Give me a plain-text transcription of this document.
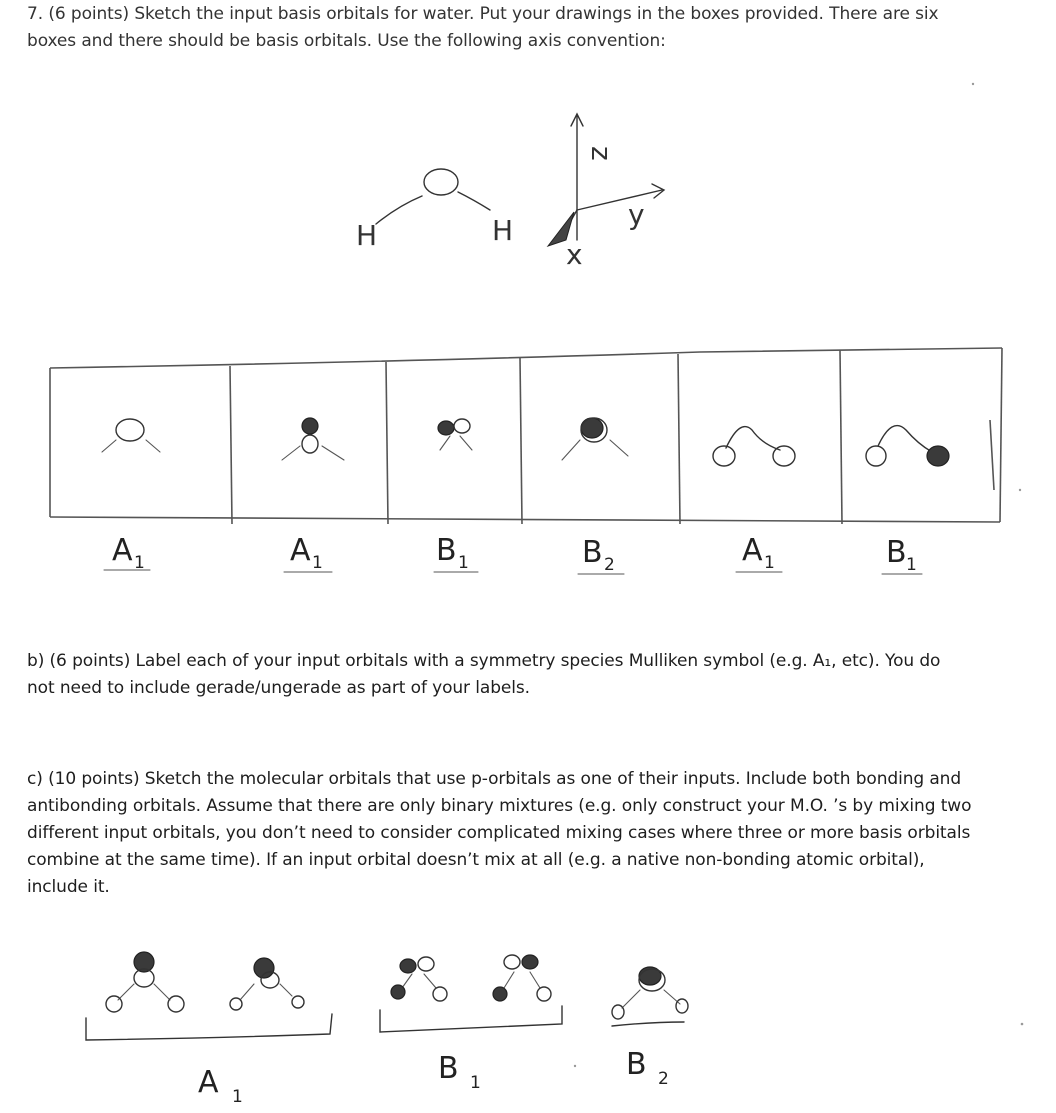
7. (6 points) Sketch the input basis orbitals for water. Put your drawings in the boxes provided. There are six
boxes and there should be basis orbitals. Use the following axis convention:
H	H
z
y
x
A 1	A 1	B 1	B 2	A 1	B 1
A 1
B 1
B 2
b) (6 points) Label each of your input orbitals with a symmetry species Mulliken symbol (e.g. A₁, etc). You do
not need to include gerade/ungerade as part of your labels.
c) (10 points) Sketch the molecular orbitals that use p-orbitals as one of their inputs. Include both bonding and
antibonding orbitals. Assume that there are only binary mixtures (e.g. only construct your M.O. ’s by mixing two
different input orbitals, you don’t need to consider complicated mixing cases where three or more basis orbitals
combine at the same time). If an input orbital doesn’t mix at all (e.g. a native non-bonding atomic orbital),
include it.
